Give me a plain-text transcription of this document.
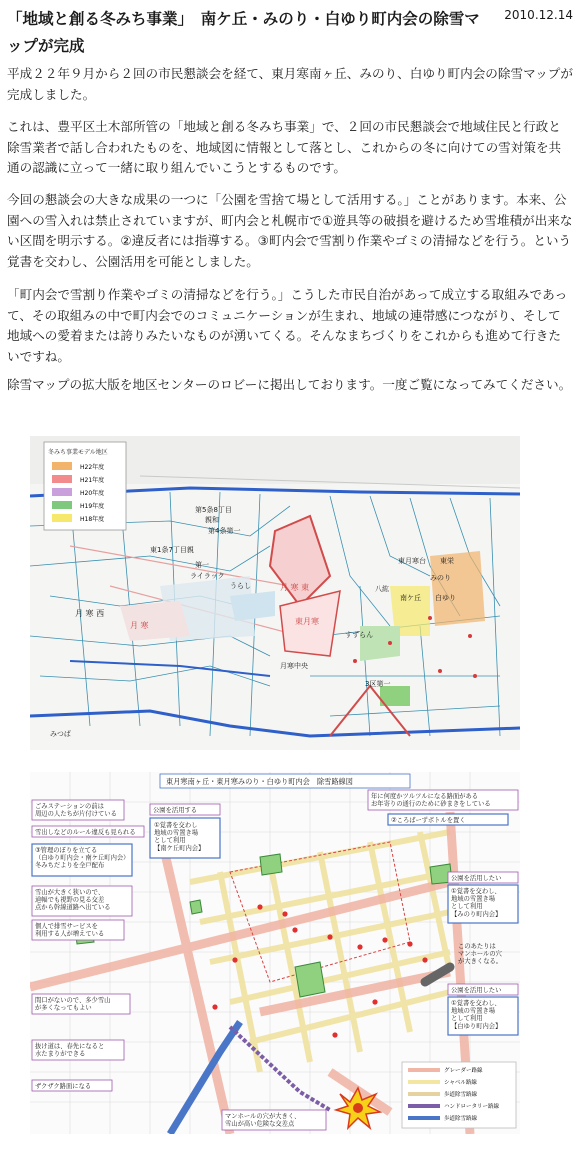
「地域と創る冬みち事業」　南ケ丘・みのり・白ゆり町内会の除雪マップが完成
2010.12.14

平成２２年９月から２回の市民懇談会を経て、東月寒南ヶ丘、みのり、白ゆり町内会の除雪マップが完成しました。

これは、豊平区土木部所管の「地域と創る冬みち事業」で、２回の市民懇談会で地域住民と行政と除雪業者で話し合われたものを、地域図に情報として落とし、これからの冬に向けての雪対策を共通の認識に立って一緒に取り組んでいこうとするものです。

今回の懇談会の大きな成果の一つに「公園を雪捨て場として活用する。」ことがあります。本来、公園への雪入れは禁止されていますが、町内会と札幌市で①遊具等の破損を避けるため雪堆積が出来ない区間を明示する。②違反者には指導する。③町内会で雪割り作業やゴミの清掃などを行う。という覚書を交わし、公園活用を可能としました。

「町内会で雪割り作業やゴミの清掃などを行う。」こうした市民自治があって成立する取組みであって、その取組みの中で町内会でのコミュニケーションが生まれ、地域の連帯感につながり、そして地域への愛着または誇りみたいなものが湧いてくる。そんなまちづくりをこれからも進めて行きたいですね。

除雪マップの拡大版を地区センターのロビーに掲出しております。一度ご覧になってみてください。

冬みち事業モデル地区
H22年度
H21年度
H20年度
H19年度
H18年度
第5条8丁目
親和
第4条第一
東1条7丁目親
第一
ライラック
うらし	月 寒 東
東月寒
八紘
東月寒台 東栄
みのり
南ケ丘 白ゆり
すずらん
月寒中央
3区第一
月 寒
月 寒 西
みつば
東月寒南ヶ丘・東月寒みのり・白ゆり町内会　除雪路線図
ごみステーションの前は周辺の人たちが片付けている
雪出しなどのルール違反も見られる
③管理のぼりを立てる（白ゆり町内会・南ケ丘町内会）冬みちだよりを全戸配布
雪山が大きく狭いので、道幅でも視野の見る交差点から幹線道路へ出ている
個人で排雪サービスを利用する人が増えている
間口がないので、多少雪山が多くなってもよい
抜け道は、春先になると水たまりができる
ザクザク路面になる
マンホールの穴が大きく、雪山が高い危険な交差点
公園を活用する
①覚書を交わし地域の雪置き場として利用【南ケ丘町内会】
年に何度かツルツルになる路面があるお年寄りの通行のために砂まきをしている
②ころばーずボトルを置く
公園を活用したい
①覚書を交わし、地域の雪置き場として利用【みのり町内会】
このあたりはマンホールの穴が大きくなる。
公園を活用したい
①覚書を交わし、地域の雪置き場として利用【白ゆり町内会】
グレーダー路線
シャベル路線
歩道除雪路線
ハンドロータリー路線
歩道除雪路線
